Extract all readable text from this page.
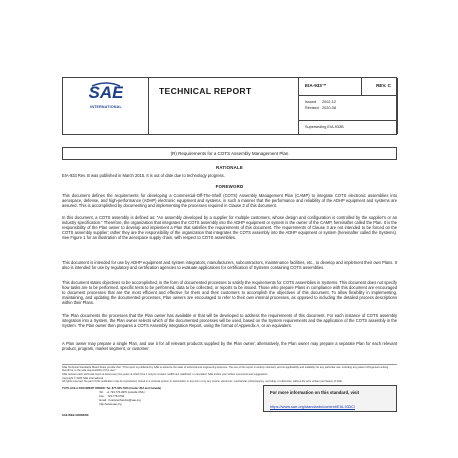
SAE
INTERNATIONAL
TECHNICAL REPORT
EIA-933™	REV. C
Issued 2002-12
Revised 2020-08
Superseding EIA-933B
(R) Requirements for a COTS Assembly Management Plan
RATIONALE
EIA-933 Rev. B was published in March 2015. It is out of date due to technology progress.
FOREWORD
This document defines the requirements for developing a Commercial-Off-The-Shelf (COTS) Assembly Management Plan (CAMP) to integrate COTS electronic assemblies into aerospace, defense, and high-performance (ADHP) electronic equipment and systems, in such a manner that the performance and reliability of the ADHP equipment and systems are assured. This is accomplished by documenting and implementing the processes required in Clause 3 of this document.
In this document, a COTS assembly is defined as: "An assembly developed by a supplier for multiple customers, whose design and configuration is controlled by the supplier's or an industry specification." Therefore, the organization that integrates the COTS assembly into the ADHP equipment or system is the owner of the CAMP, hereinafter called the Plan. It is the responsibility of the Plan owner to develop and implement a Plan that satisfies the requirements of this document. The requirements of Clause 3 are not intended to be forced on the COTS assembly supplier; rather they are the responsibility of the organization that integrates the COTS assembly into the ADHP equipment or system (hereinafter called the Systems). See Figure 1 for an illustration of the aerospace supply chain, with respect to COTS assemblies.
This document is intended for use by ADHP equipment and system integrators, manufacturers, subcontractors, maintenance facilities, etc., to develop and implement their own Plans. It also is intended for use by regulatory and certification agencies to evaluate applications for certification of Systems containing COTS assemblies.
This document states objectives to be accomplished, in the form of documented processes to satisfy the requirements for COTS assemblies in Systems. This document does not specify how tasks are to be performed, specific tests to be performed, data to be collected, or reports to be issued. Those who prepare Plans in compliance with this document are encouraged to document processes that are the most efficient and effective for them and their customers to accomplish the objectives of this document. To allow flexibility in implementing, maintaining, and updating the documented processes, Plan owners are encouraged to refer to their own internal processes, as opposed to including the detailed process descriptions within their Plans.
The Plan documents the processes that the Plan owner has available or that will be developed to address the requirements of this document. For each instance of COTS assembly integration into a System, the Plan owner selects which of the documented processes will be used, based on the System requirements and the application of the COTS assembly in the System. The Plan owner then prepares a COTS Assembly Integration Report, using the format of Appendix A, or an equivalent.
A Plan owner may prepare a single Plan, and use it for all relevant products supplied by the Plan owner; alternatively, the Plan owner may prepare a separate Plan for each relevant product, program, market segment, or customer.
SAE Technical Standards Board Rules provide that: "This report is published by SAE to advance the state of technical and engineering sciences. The use of this report is entirely voluntary, and its applicability and suitability for any particular use, including any patent infringement arising therefrom, is the sole responsibility of the user."
SAE reviews each technical report at least every five years at which time it may be revised, reaffirmed, stabilized, or cancelled. SAE invites your written comments and suggestions.
Copyright © 2020 SAE International
All rights reserved. No part of this publication may be reproduced, stored in a retrieval system or transmitted, in any form or by any means, electronic, mechanical, photocopying, recording, or otherwise, without the prior written permission of SAE.
TO PLACE A DOCUMENT ORDER: Tel: 877-606-7323 (inside USA and Canada)
Tel:    +1 724-776-4970 (outside USA)
Fax:    724-776-0790
Email:  CustomerService@sae.org
http://www.sae.org
For more information on this standard, visit
https://www.sae.org/standards/content/EIA-933C/
SAE WEB ADDRESS:
